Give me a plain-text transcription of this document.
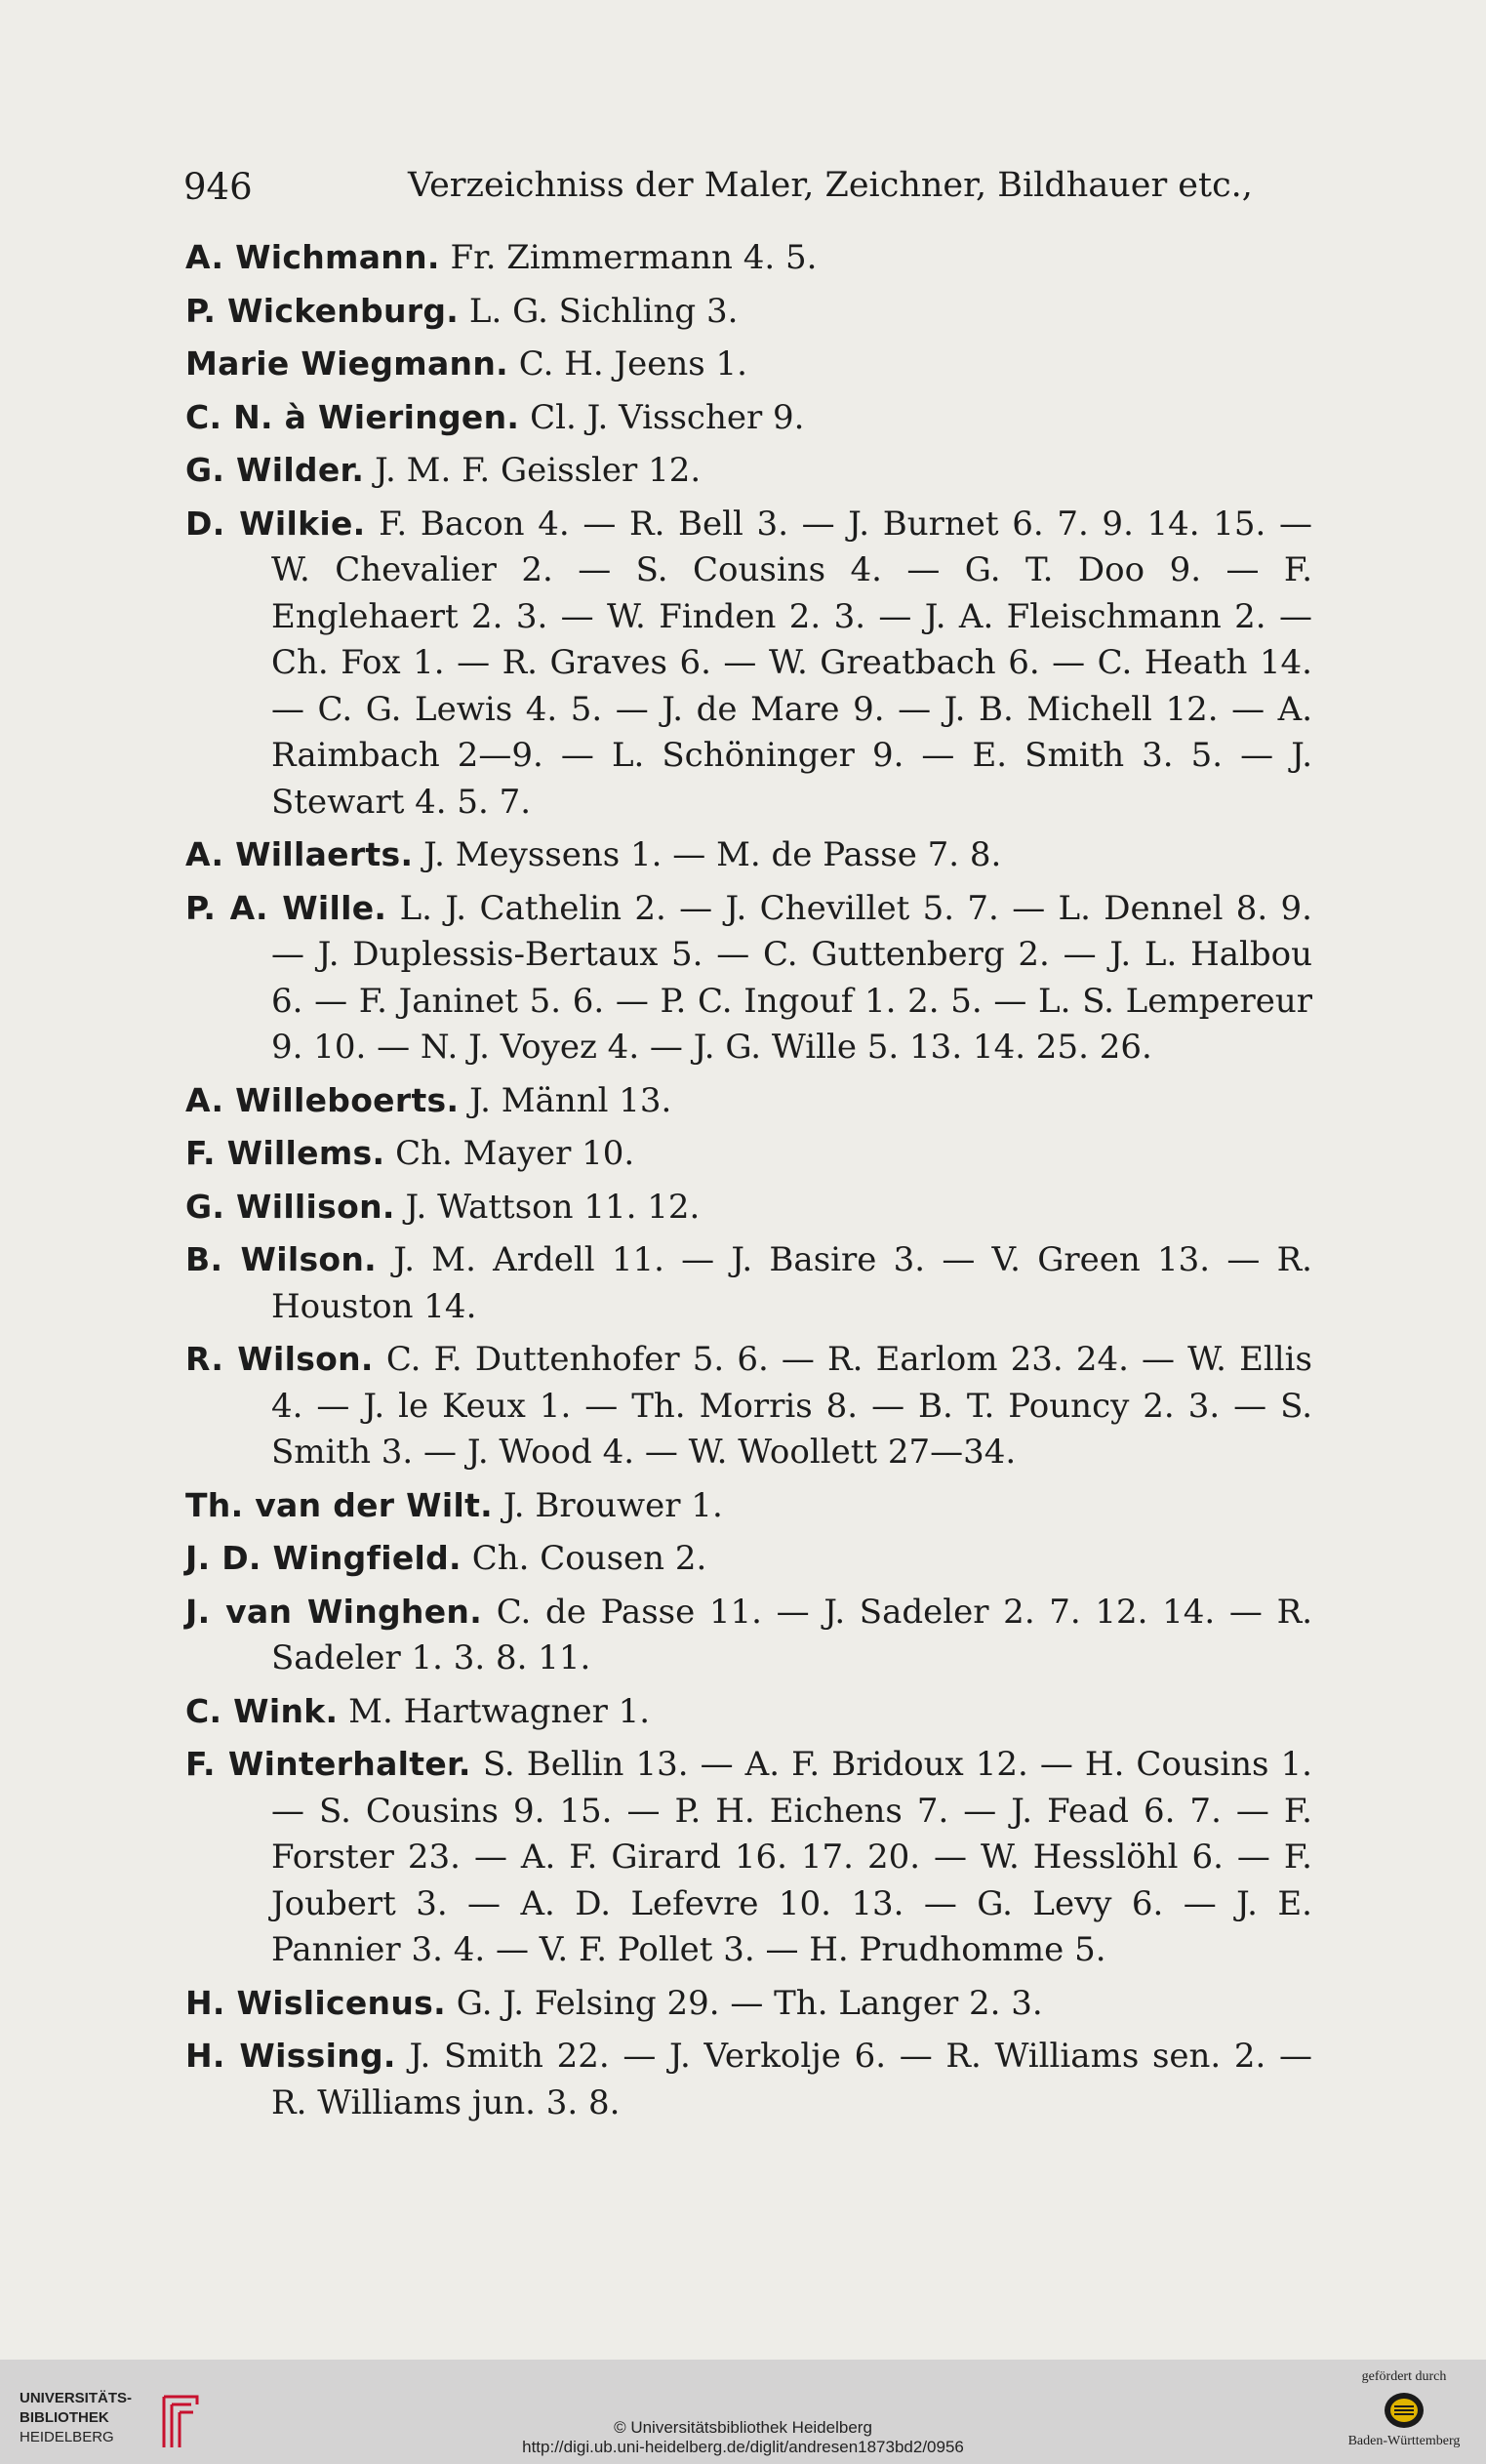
946	Verzeichniss der Maler, Zeichner, Bildhauer etc.,
A. Wichmann. Fr. Zimmermann 4. 5.
P. Wickenburg. L. G. Sichling 3.
Marie Wiegmann. C. H. Jeens 1.
C. N. à Wieringen. Cl. J. Visscher 9.
G. Wilder. J. M. F. Geissler 12.
D. Wilkie. F. Bacon 4. — R. Bell 3. — J. Burnet 6. 7. 9. 14. 15. — W. Chevalier 2. — S. Cousins 4. — G. T. Doo 9. — F. Englehaert 2. 3. — W. Finden 2. 3. — J. A. Fleischmann 2. — Ch. Fox 1. — R. Graves 6. — W. Greatbach 6. — C. Heath 14. — C. G. Lewis 4. 5. — J. de Mare 9. — J. B. Michell 12. — A. Raimbach 2—9. — L. Schöninger 9. — E. Smith 3. 5. — J. Stewart 4. 5. 7.
A. Willaerts. J. Meyssens 1. — M. de Passe 7. 8.
P. A. Wille. L. J. Cathelin 2. — J. Chevillet 5. 7. — L. Dennel 8. 9. — J. Duplessis-Bertaux 5. — C. Guttenberg 2. — J. L. Halbou 6. — F. Janinet 5. 6. — P. C. Ingouf 1. 2. 5. — L. S. Lempereur 9. 10. — N. J. Voyez 4. — J. G. Wille 5. 13. 14. 25. 26.
A. Willeboerts. J. Männl 13.
F. Willems. Ch. Mayer 10.
G. Willison. J. Wattson 11. 12.
B. Wilson. J. M. Ardell 11. — J. Basire 3. — V. Green 13. — R. Houston 14.
R. Wilson. C. F. Duttenhofer 5. 6. — R. Earlom 23. 24. — W. Ellis 4. — J. le Keux 1. — Th. Morris 8. — B. T. Pouncy 2. 3. — S. Smith 3. — J. Wood 4. — W. Woollett 27—34.
Th. van der Wilt. J. Brouwer 1.
J. D. Wingfield. Ch. Cousen 2.
J. van Winghen. C. de Passe 11. — J. Sadeler 2. 7. 12. 14. — R. Sadeler 1. 3. 8. 11.
C. Wink. M. Hartwagner 1.
F. Winterhalter. S. Bellin 13. — A. F. Bridoux 12. — H. Cousins 1. — S. Cousins 9. 15. — P. H. Eichens 7. — J. Fead 6. 7. — F. Forster 23. — A. F. Girard 16. 17. 20. — W. Hesslöhl 6. — F. Joubert 3. — A. D. Lefevre 10. 13. — G. Levy 6. — J. E. Pannier 3. 4. — V. F. Pollet 3. — H. Prudhomme 5.
H. Wislicenus. G. J. Felsing 29. — Th. Langer 2. 3.
H. Wissing. J. Smith 22. — J. Verkolje 6. — R. Williams sen. 2. — R. Williams jun. 3. 8.
UNIVERSITÄTS-
BIBLIOTHEK
HEIDELBERG
© Universitätsbibliothek Heidelberg
http://digi.ub.uni-heidelberg.de/diglit/andresen1873bd2/0956
gefördert durch
Baden-Württemberg
